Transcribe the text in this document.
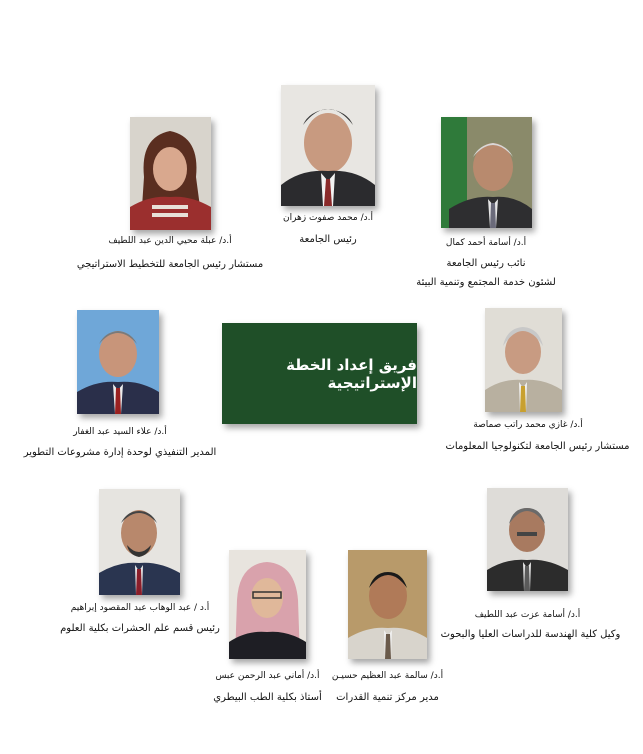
فريق إعداد الخطة الإستراتيجية
أ.د/ محمد صفوت زهران
رئيس الجامعة
أ.د/ عبلة محيي الدين عبد اللطيف
مستشار رئيس الجامعة للتخطيط الاستراتيجي
أ.د/ أسامة أحمد كمال
نائب رئيس الجامعة
لشئون خدمة المجتمع وتنمية البيئة
أ.د/ علاء السيد عبد الغفار
المدير التنفيذي لوحدة إدارة مشروعات التطوير
أ.د/ غازي محمد راتب صماصة
مستشار رئيس الجامعة لتكنولوجيا المعلومات
أ.د / عبد الوهاب عبد المقصود إبراهيم
رئيس قسم علم الحشرات بكلية العلوم
أ.د/ أسامة عزت عبد اللطيف
وكيل كلية الهندسة للدراسات العليا والبحوث
أ.د/ أماني عبد الرحمن عبس
أستاذ بكلية الطب البيطري
أ.د/ سالمة عبد العظيم حسيـن
مدير مركز تنمية القدرات
